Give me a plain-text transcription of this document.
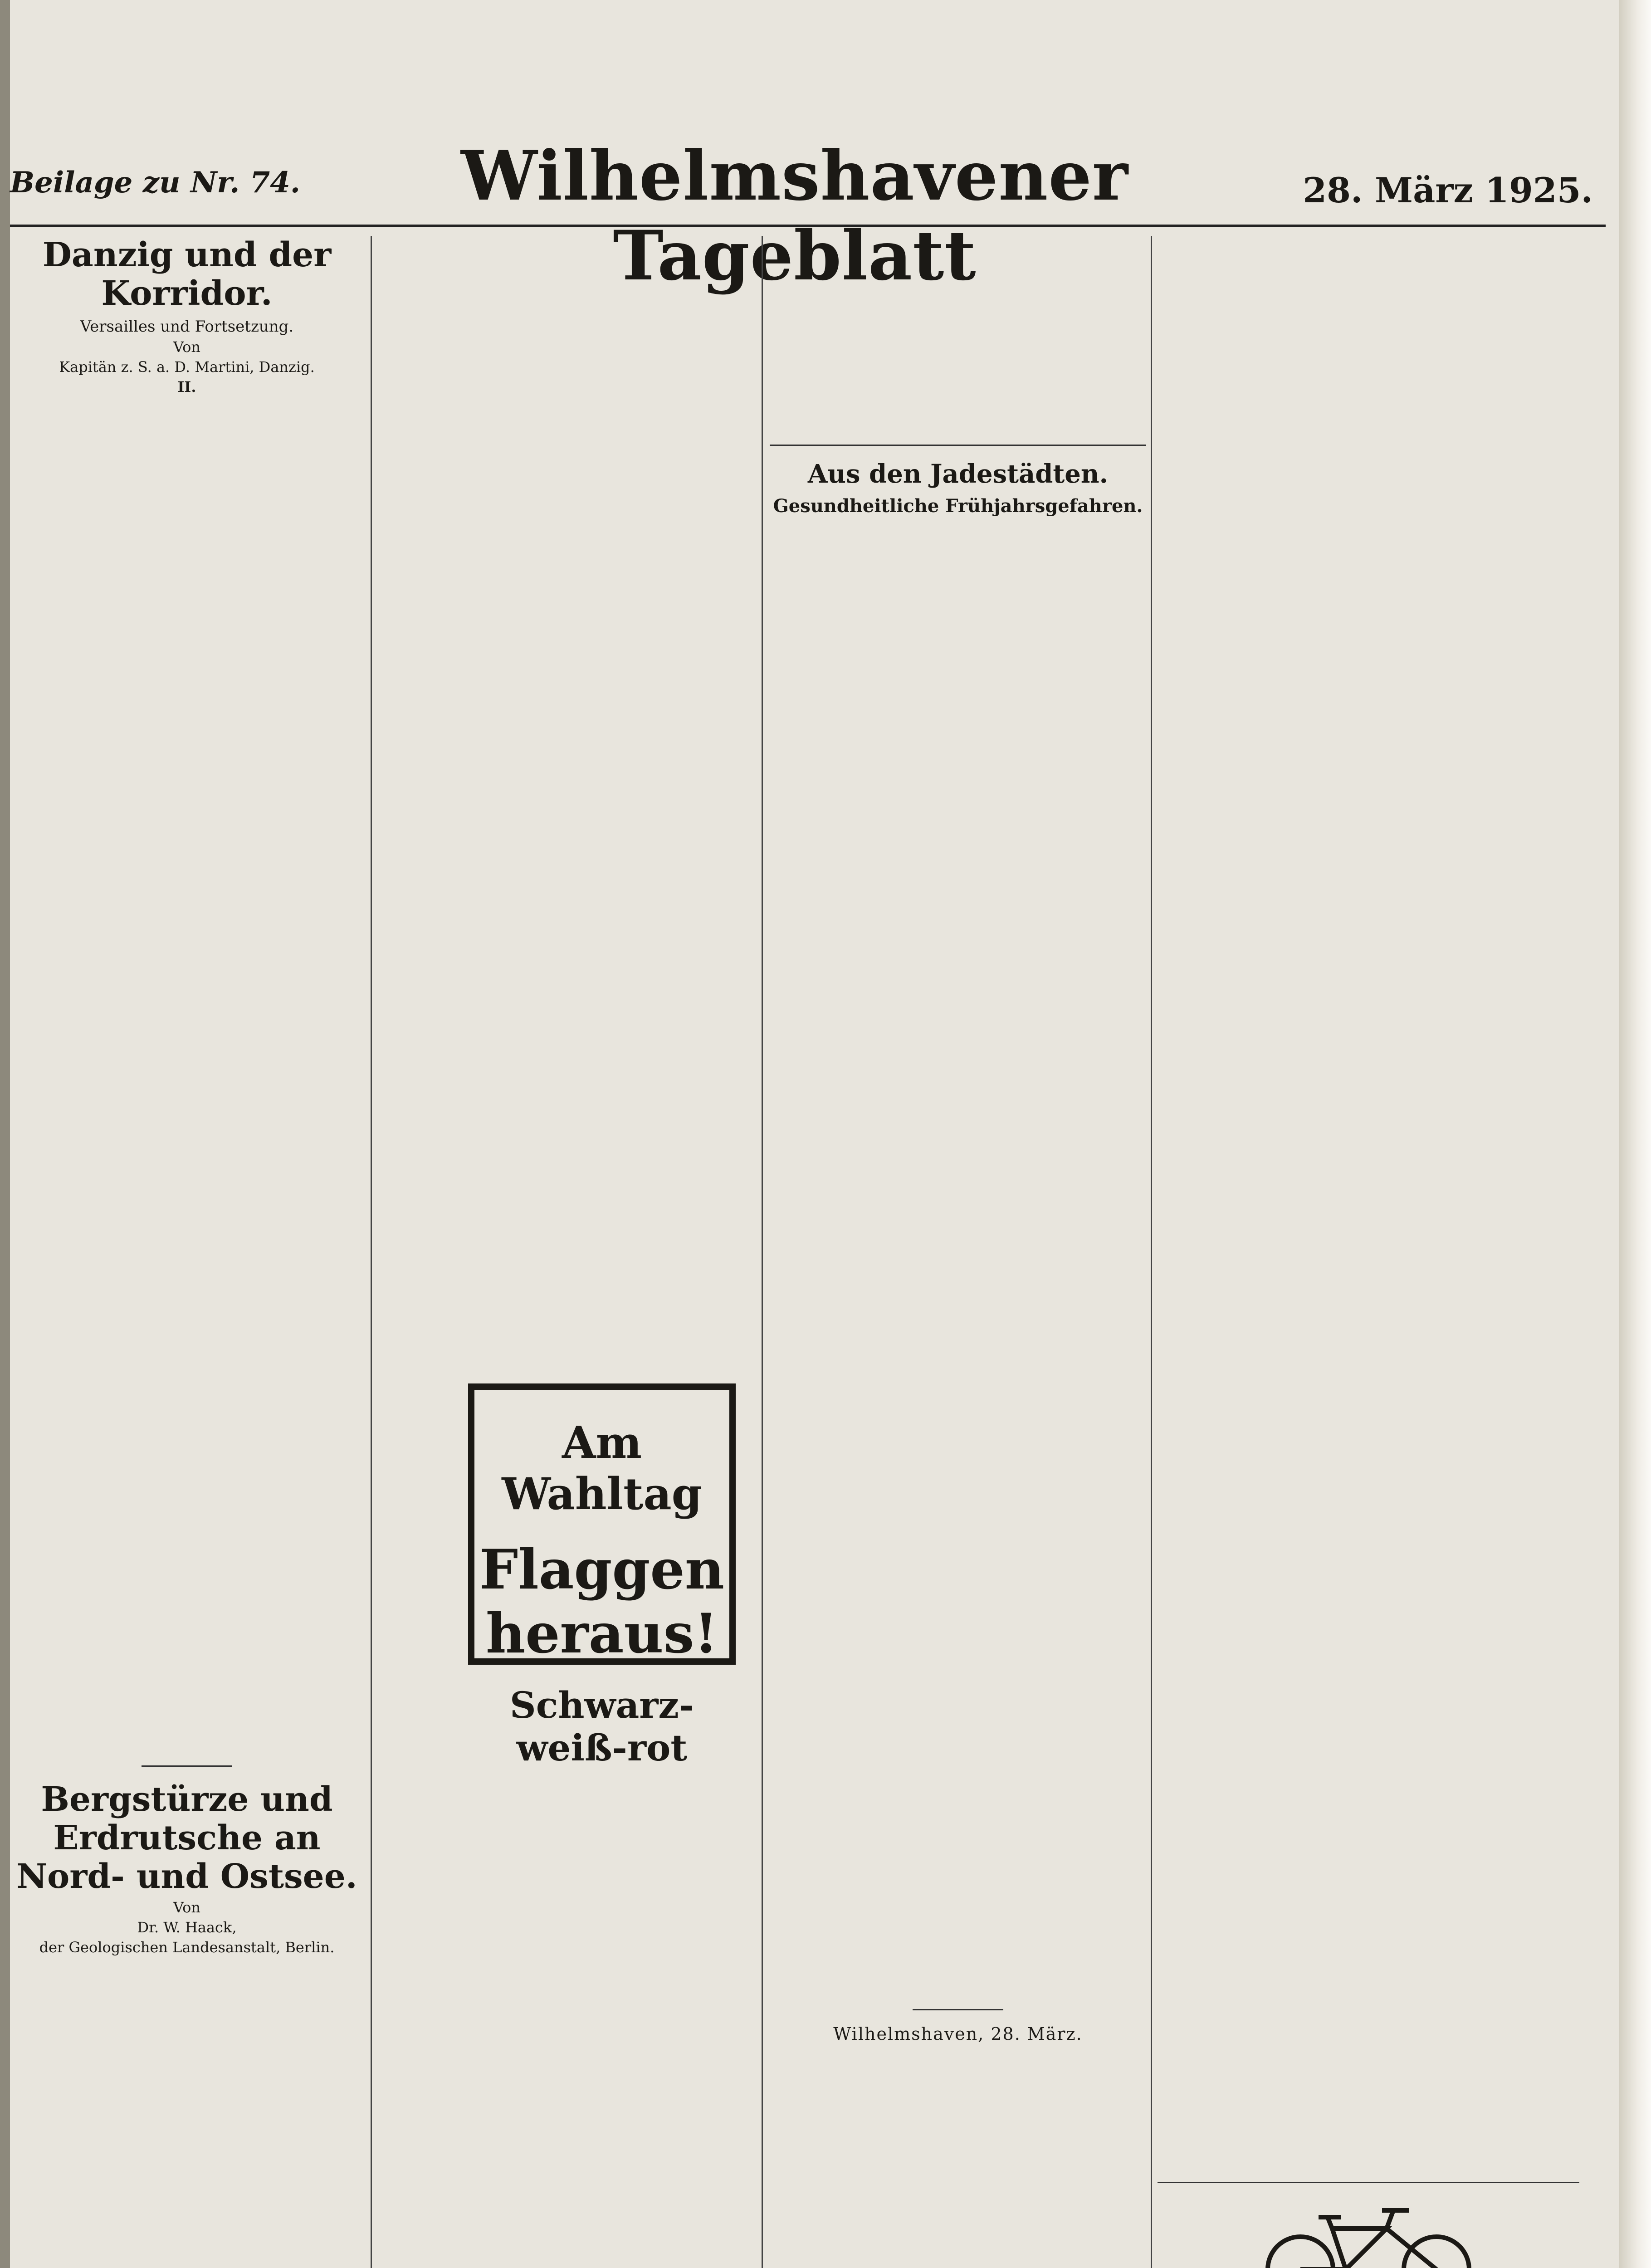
Beilage zu Nr. 74.	Wilhelmshavener Tageblatt
28. März 1925.
Danzig und der Korridor.
Versailles und Fortsetzung.
Von
Kapitän z. S. a. D. Martini, Danzig.
II.

Bergstürze und Erdrutsche an Nord- und Ostsee.
Von
Dr. W. Haack,
der Geologischen Landesanstalt, Berlin.

Am Wahltag
Flaggen heraus!
Schwarz-weiß-rot

Aus den Jadestädten.
Gesundheitliche Frühjahrsgefahren.

Wilhelmshaven, 28. März.
